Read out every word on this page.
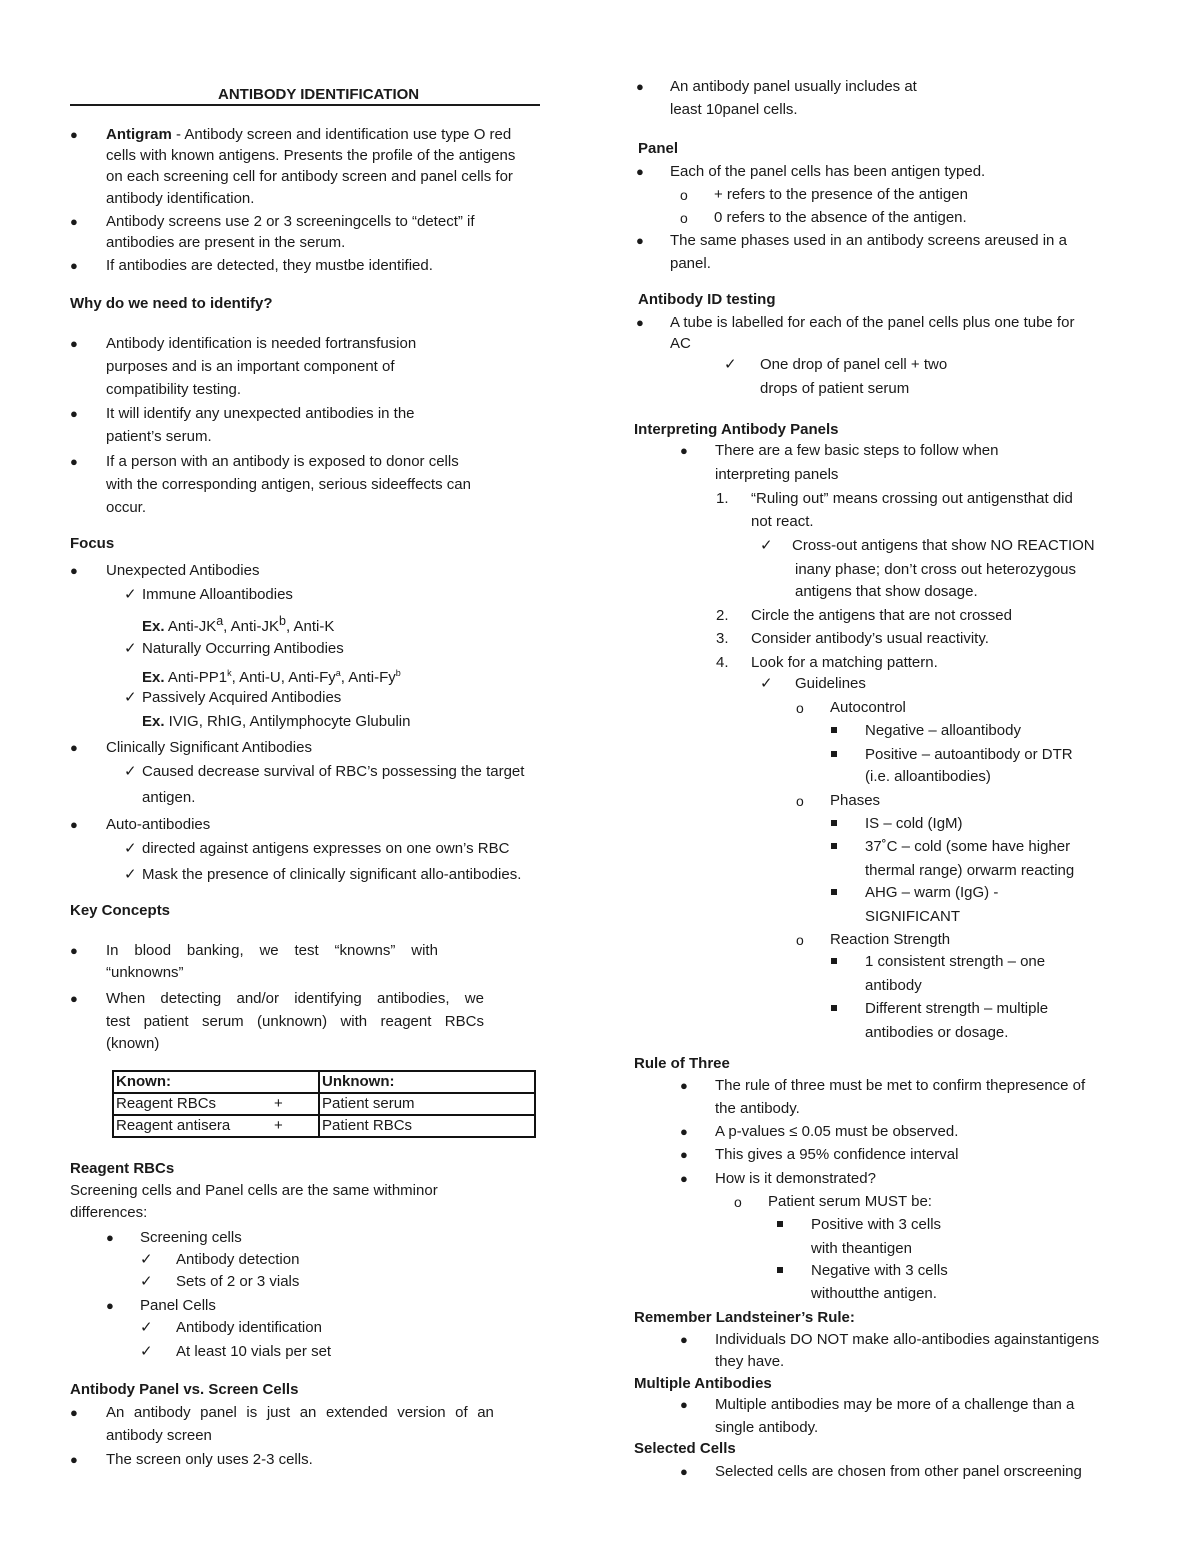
ANTIBODY IDENTIFICATION
● Antigram - Antibody screen and identification use type O red
cells with known antigens. Presents the profile of the antigens
on each screening cell for antibody screen and panel cells for
antibody identification.
● Antibody screens use 2 or 3 screeningcells to “detect” if
antibodies are present in the serum.
● If antibodies are detected, they mustbe identified.
Why do we need to identify?
● Antibody identification is needed fortransfusion
purposes and is an important component of
compatibility testing.
● It will identify any unexpected antibodies in the
patient’s serum.
● If a person with an antibody is exposed to donor cells
with the corresponding antigen, serious sideeffects can
occur.
Focus
● Unexpected Antibodies
✓ Immune Alloantibodies
Ex. Anti-$JK^a$, Anti-$JK^b$, Anti-K
✓ Naturally Occurring Antibodies
Ex. Anti-PP1$^k$, Anti-U, Anti-Fy$^a$, Anti-Fy$^b$
✓ Passively Acquired Antibodies
Ex. IVIG, RhIG, Antilymphocyte Glubulin
● Clinically Significant Antibodies
✓ Caused decrease survival of RBC’s possessing the target
antigen.
● Auto-antibodies
✓ directed against antigens expresses on one own’s RBC
✓ Mask the presence of clinically significant allo-antibodies.
Key Concepts
● In blood banking, we test “knowns” with
“unknowns”
● When detecting and/or identifying antibodies, we
test patient serum (unknown) with reagent RBCs
(known)
Known:	Unknown:
Reagent RBCs +	Patient serum
Reagent antisera +	Patient RBCs
Reagent RBCs
Screening cells and Panel cells are the same withminor
differences:
● Screening cells
✓ Antibody detection
✓ Sets of 2 or 3 vials
● Panel Cells
✓ Antibody identification
✓ At least 10 vials per set
Antibody Panel vs. Screen Cells
● An antibody panel is just an extended version of an
antibody screen
● The screen only uses 2-3 cells.
● An antibody panel usually includes at
least 10panel cells.
Panel
● Each of the panel cells has been antigen typed.
o + refers to the presence of the antigen
o 0 refers to the absence of the antigen.
● The same phases used in an antibody screens areused in a
panel.
Antibody ID testing
● A tube is labelled for each of the panel cells plus one tube for
AC
✓ One drop of panel cell + two
drops of patient serum
Interpreting Antibody Panels
● There are a few basic steps to follow when
interpreting panels
1. “Ruling out” means crossing out antigensthat did
not react.
✓ Cross-out antigens that show NO REACTION
inany phase; don’t cross out heterozygous
antigens that show dosage.
2. Circle the antigens that are not crossed
3. Consider antibody’s usual reactivity.
4. Look for a matching pattern.
✓ Guidelines
o Autocontrol
Negative – alloantibody
Positive – autoantibody or DTR
(i.e. alloantibodies)
o Phases
IS – cold (IgM)
37˚C – cold (some have higher
thermal range) orwarm reacting
AHG – warm (IgG) -
SIGNIFICANT
o Reaction Strength
1 consistent strength – one
antibody
Different strength – multiple
antibodies or dosage.
Rule of Three
● The rule of three must be met to confirm thepresence of
the antibody.
● A p-values ≤ 0.05 must be observed.
● This gives a 95% confidence interval
● How is it demonstrated?
o Patient serum MUST be:
Positive with 3 cells
with theantigen
Negative with 3 cells
withoutthe antigen.
Remember Landsteiner’s Rule:
● Individuals DO NOT make allo-antibodies againstantigens
they have.
Multiple Antibodies
● Multiple antibodies may be more of a challenge than a
single antibody.
Selected Cells
● Selected cells are chosen from other panel orscreening
